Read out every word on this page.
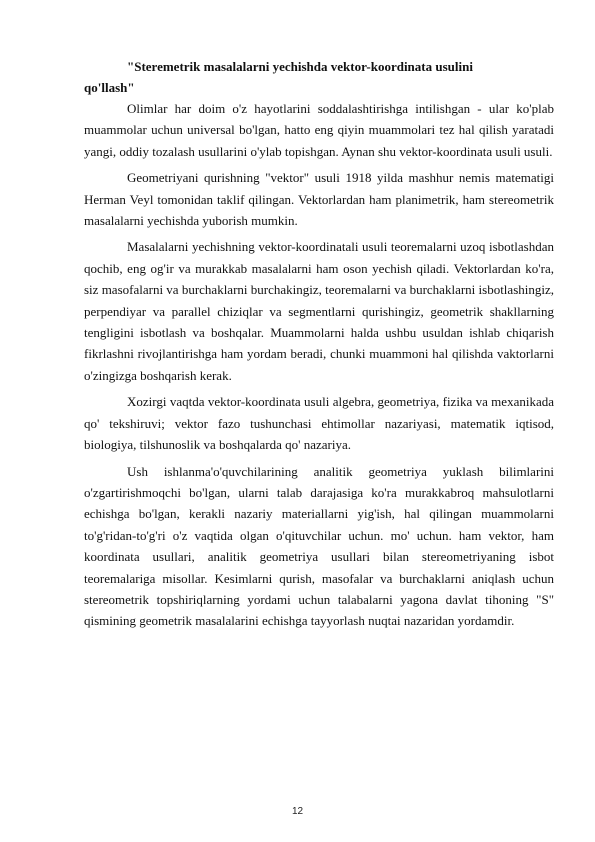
"Steremetrik masalalarni yechishda vektor-koordinata usulini
qo'llash"

Olimlar har doim o'z hayotlarini soddalashtirishga intilishgan - ular ko'plab muammolar uchun universal bo'lgan, hatto eng qiyin muammolari tez hal qilish yaratadi yangi, oddiy tozalash usullarini o'ylab topishgan. Aynan shu vektor-koordinata usuli usuli.

Geometriyani qurishning "vektor" usuli 1918 yilda mashhur nemis matematigi Herman Veyl tomonidan taklif qilingan. Vektorlardan ham planimetrik, ham stereometrik masalalarni yechishda yuborish mumkin.

Masalalarni yechishning vektor-koordinatali usuli teoremalarni uzoq isbotlashdan qochib, eng og'ir va murakkab masalalarni ham oson yechish qiladi. Vektorlardan ko'ra, siz masofalarni va burchaklarni burchakingiz, teoremalarni va burchaklarni isbotlashingiz, perpendiyar va parallel chiziqlar va segmentlarni qurishingiz, geometrik shakllarning tengligini isbotlash va boshqalar. Muammolarni halda ushbu usuldan ishlab chiqarish fikrlashni rivojlantirishga ham yordam beradi, chunki muammoni hal qilishda vaktorlarni o'zingizga boshqarish kerak.

Xozirgi vaqtda vektor-koordinata usuli algebra, geometriya, fizika va mexanikada qo' tekshiruvi; vektor fazo tushunchasi ehtimollar nazariyasi, matematik iqtisod, biologiya, tilshunoslik va boshqalarda qo' nazariya.

Ush ishlanma'o'quvchilarining analitik geometriya yuklash bilimlarini o'zgartirishmoqchi bo'lgan, ularni talab darajasiga ko'ra murakkabroq mahsulotlarni echishga bo'lgan, kerakli nazariy materiallarni yig'ish, hal qilingan muammolarni to'g'ridan-to'g'ri o'z vaqtida olgan o'qituvchilar uchun. mo' uchun. ham vektor, ham koordinata usullari, analitik geometriya usullari bilan stereometriyaning isbot teoremalariga misollar. Kesimlarni qurish, masofalar va burchaklarni aniqlash uchun stereometrik topshiriqlarning yordami uchun talabalarni yagona davlat tihoning "S" qismining geometrik masalalarini echishga tayyorlash nuqtai nazaridan yordamdir.

12
